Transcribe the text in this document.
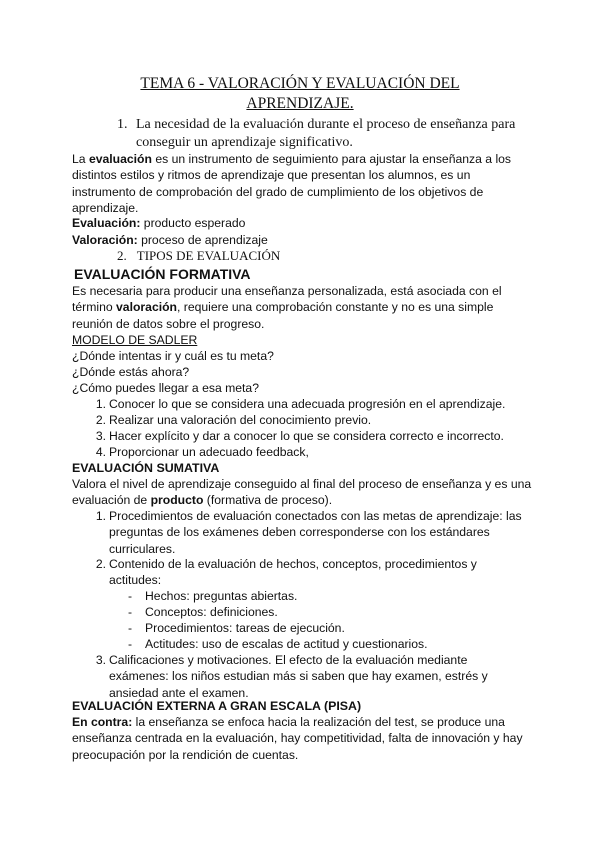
TEMA 6 - VALORACIÓN Y EVALUACIÓN DEL
APRENDIZAJE.
1. La necesidad de la evaluación durante el proceso de enseñanza para conseguir un aprendizaje significativo.
La evaluación es un instrumento de seguimiento para ajustar la enseñanza a los distintos estilos y ritmos de aprendizaje que presentan los alumnos, es un instrumento de comprobación del grado de cumplimiento de los objetivos de aprendizaje.
Evaluación: producto esperado
Valoración: proceso de aprendizaje
2. TIPOS DE EVALUACIÓN
EVALUACIÓN FORMATIVA
Es necesaria para producir una enseñanza personalizada, está asociada con el término valoración, requiere una comprobación constante y no es una simple reunión de datos sobre el progreso.
MODELO DE SADLER
¿Dónde intentas ir y cuál es tu meta?
¿Dónde estás ahora?
¿Cómo puedes llegar a esa meta?
1. Conocer lo que se considera una adecuada progresión en el aprendizaje.
2. Realizar una valoración del conocimiento previo.
3. Hacer explícito y dar a conocer lo que se considera correcto e incorrecto.
4. Proporcionar un adecuado feedback,
EVALUACIÓN SUMATIVA
Valora el nivel de aprendizaje conseguido al final del proceso de enseñanza y es una evaluación de producto (formativa de proceso).
1. Procedimientos de evaluación conectados con las metas de aprendizaje: las preguntas de los exámenes deben corresponderse con los estándares curriculares.
2. Contenido de la evaluación de hechos, conceptos, procedimientos y actitudes:
- Hechos: preguntas abiertas.
- Conceptos: definiciones.
- Procedimientos: tareas de ejecución.
- Actitudes: uso de escalas de actitud y cuestionarios.
3. Calificaciones y motivaciones. El efecto de la evaluación mediante exámenes: los niños estudian más si saben que hay examen, estrés y ansiedad ante el examen.
EVALUACIÓN EXTERNA A GRAN ESCALA (PISA)
En contra: la enseñanza se enfoca hacia la realización del test, se produce una enseñanza centrada en la evaluación, hay competitividad, falta de innovación y hay preocupación por la rendición de cuentas.
